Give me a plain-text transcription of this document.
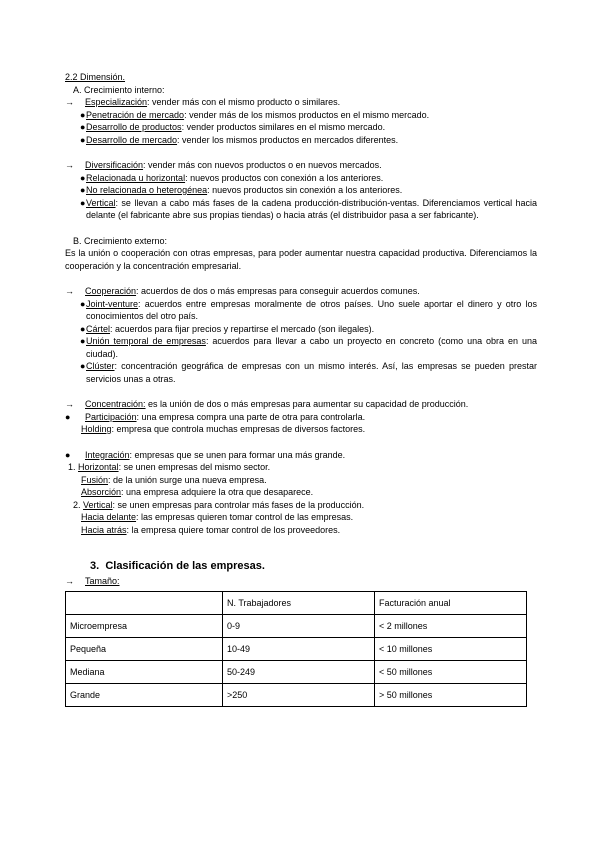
2.2 Dimensión.
A. Crecimiento interno:
→ Especialización: vender más con el mismo producto o similares.
●Penetración de mercado: vender más de los mismos productos en el mismo mercado.
●Desarrollo de productos: vender productos similares en el mismo mercado.
●Desarrollo de mercado: vender los mismos productos en mercados diferentes.
→ Diversificación: vender más con nuevos productos o en nuevos mercados.
●Relacionada u horizontal: nuevos productos con conexión a los anteriores.
●No relacionada o heterogénea: nuevos productos sin conexión a los anteriores.
● Vertical: se llevan a cabo más fases de la cadena producción-distribución-ventas. Diferenciamos vertical hacia delante (el fabricante abre sus propias tiendas) o hacia atrás (el distribuidor pasa a ser fabricante).
B. Crecimiento externo:
Es la unión o cooperación con otras empresas, para poder aumentar nuestra capacidad productiva. Diferenciamos la cooperación y la concentración empresarial.
→ Cooperación: acuerdos de dos o más empresas para conseguir acuerdos comunes.
● Joint-venture: acuerdos entre empresas moralmente de otros países. Uno suele aportar el dinero y otro los conocimientos del otro país.
● Cártel: acuerdos para fijar precios y repartirse el mercado (son ilegales).
● Unión temporal de empresas: acuerdos para llevar a cabo un proyecto en concreto (como una obra en una ciudad).
● Clúster: concentración geográfica de empresas con un mismo interés. Así, las empresas se pueden prestar servicios unas a otras.
→ Concentración: es la unión de dos o más empresas para aumentar su capacidad de producción.
● Participación: una empresa compra una parte de otra para controlarla.
Holding: empresa que controla muchas empresas de diversos factores.
● Integración: empresas que se unen para formar una más grande.
1. Horizontal: se unen empresas del mismo sector.
Fusión: de la unión surge una nueva empresa.
Absorción: una empresa adquiere la otra que desaparece.
2. Vertical: se unen empresas para controlar más fases de la producción.
Hacia delante: las empresas quieren tomar control de las empresas.
Hacia atrás: la empresa quiere tomar control de los proveedores.
3. Clasificación de las empresas.
→ Tamaño:
	N. Trabajadores	Facturación anual
Microempresa	0-9	< 2 millones
Pequeña	10-49	< 10 millones
Mediana	50-249	< 50 millones
Grande	>250	> 50 millones
